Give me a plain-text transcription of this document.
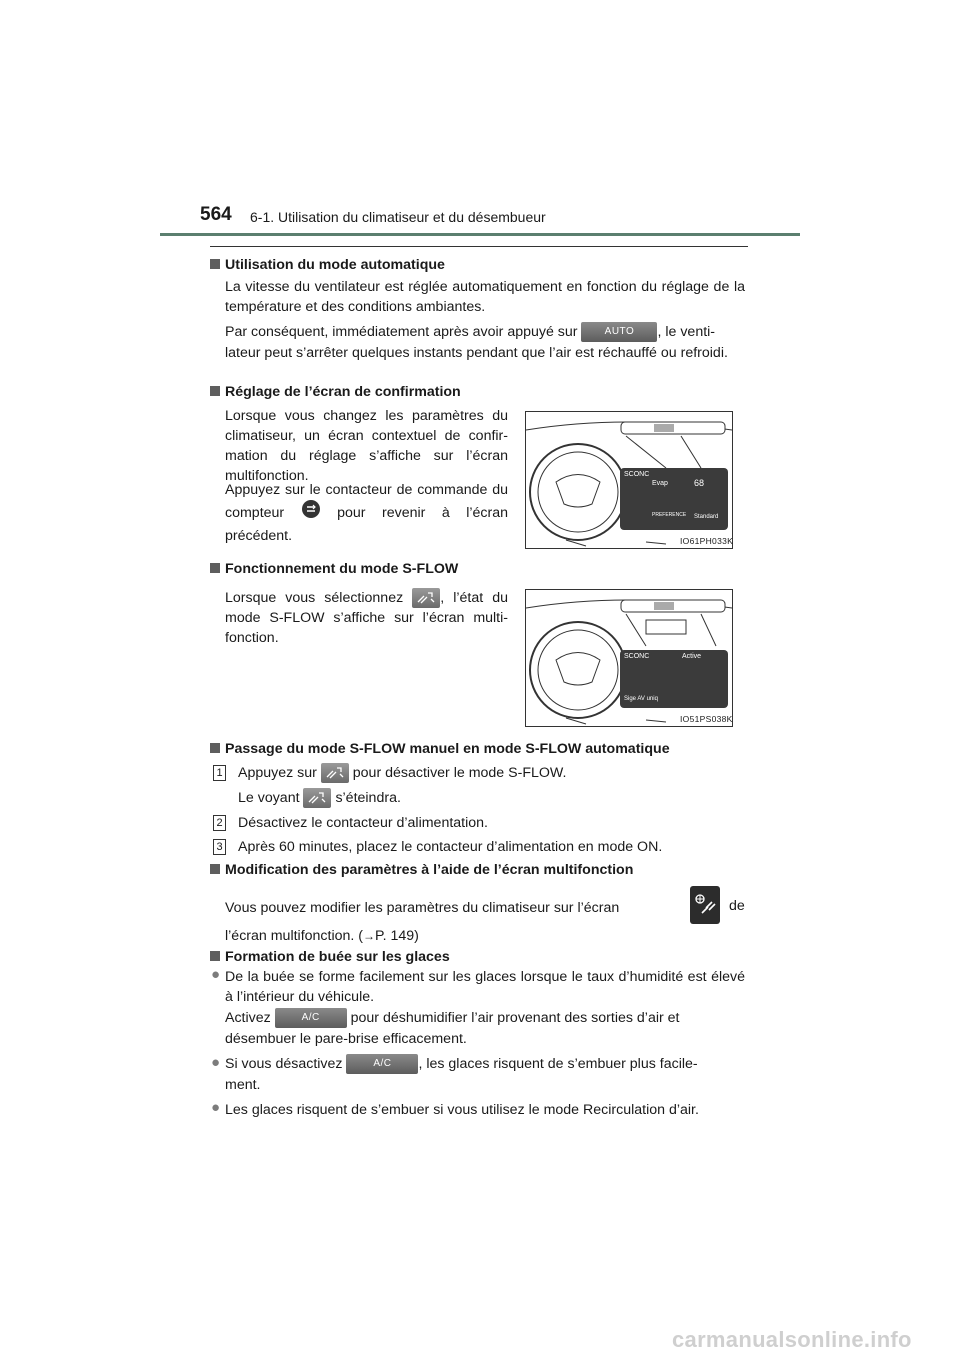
564 6-1. Utilisation du climatiseur et du désembueur
Utilisation du mode automatique
La vitesse du ventilateur est réglée automatiquement en fonction du réglage de la température et des conditions ambiantes.
Par conséquent, immédiatement après avoir appuyé sur	AUTO , le venti-
lateur peut s’arrêter quelques instants pendant que l’air est réchauffé ou refroidi.
Réglage de l’écran de confirmation
Lorsque vous changez les paramètres du climatiseur, un écran contextuel de confir-mation du réglage s’affiche sur l’écran multifonction.
Appuyez sur le contacteur de commande du compteur	pour revenir à l’écran précédent.
SCONC
Evap	68
PREFERENCE Standard
IO61PH033K
Fonctionnement du mode S-FLOW
Lorsque vous sélectionnez	, l’état du mode S-FLOW s’affiche sur l’écran multi-fonction.
SCONC	Active
Sige AV uniq
IO51PS038K
Passage du mode S-FLOW manuel en mode S-FLOW automatique
1 Appuyez sur	pour désactiver le mode S-FLOW.
Le voyant	s’éteindra.
2 Désactivez le contacteur d’alimentation.
3 Après 60 minutes, placez le contacteur d’alimentation en mode ON.
Modification des paramètres à l’aide de l’écran multifonction
Vous pouvez modifier les paramètres du climatiseur sur l’écran	de
l’écran multifonction. (→P. 149)
Formation de buée sur les glaces
● De la buée se forme facilement sur les glaces lorsque le taux d’humidité est élevé à l’intérieur du véhicule.
Activez	A/C pour déshumidifier l’air provenant des sorties d’air et
désembuer le pare-brise efficacement.
● Si vous désactivez	A/C , les glaces risquent de s’embuer plus facile-
ment.
● Les glaces risquent de s’embuer si vous utilisez le mode Recirculation d’air.
carmanualsonline.info
